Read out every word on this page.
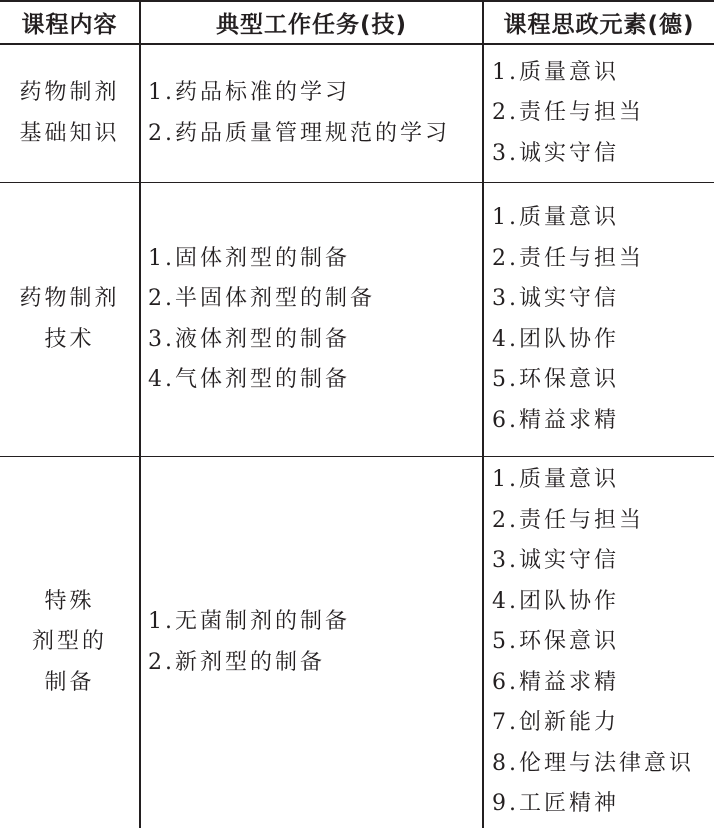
课程内容	典型工作任务(技)	课程思政元素(德)
药物制剂
基础知识
1.药品标准的学习
2.药品质量管理规范的学习
1.质量意识
2.责任与担当
3.诚实守信
药物制剂
技术
1.固体剂型的制备
2.半固体剂型的制备
3.液体剂型的制备
4.气体剂型的制备
1.质量意识
2.责任与担当
3.诚实守信
4.团队协作
5.环保意识
6.精益求精
特殊
剂型的
制备
1.无菌制剂的制备
2.新剂型的制备
1.质量意识
2.责任与担当
3.诚实守信
4.团队协作
5.环保意识
6.精益求精
7.创新能力
8.伦理与法律意识
9.工匠精神
